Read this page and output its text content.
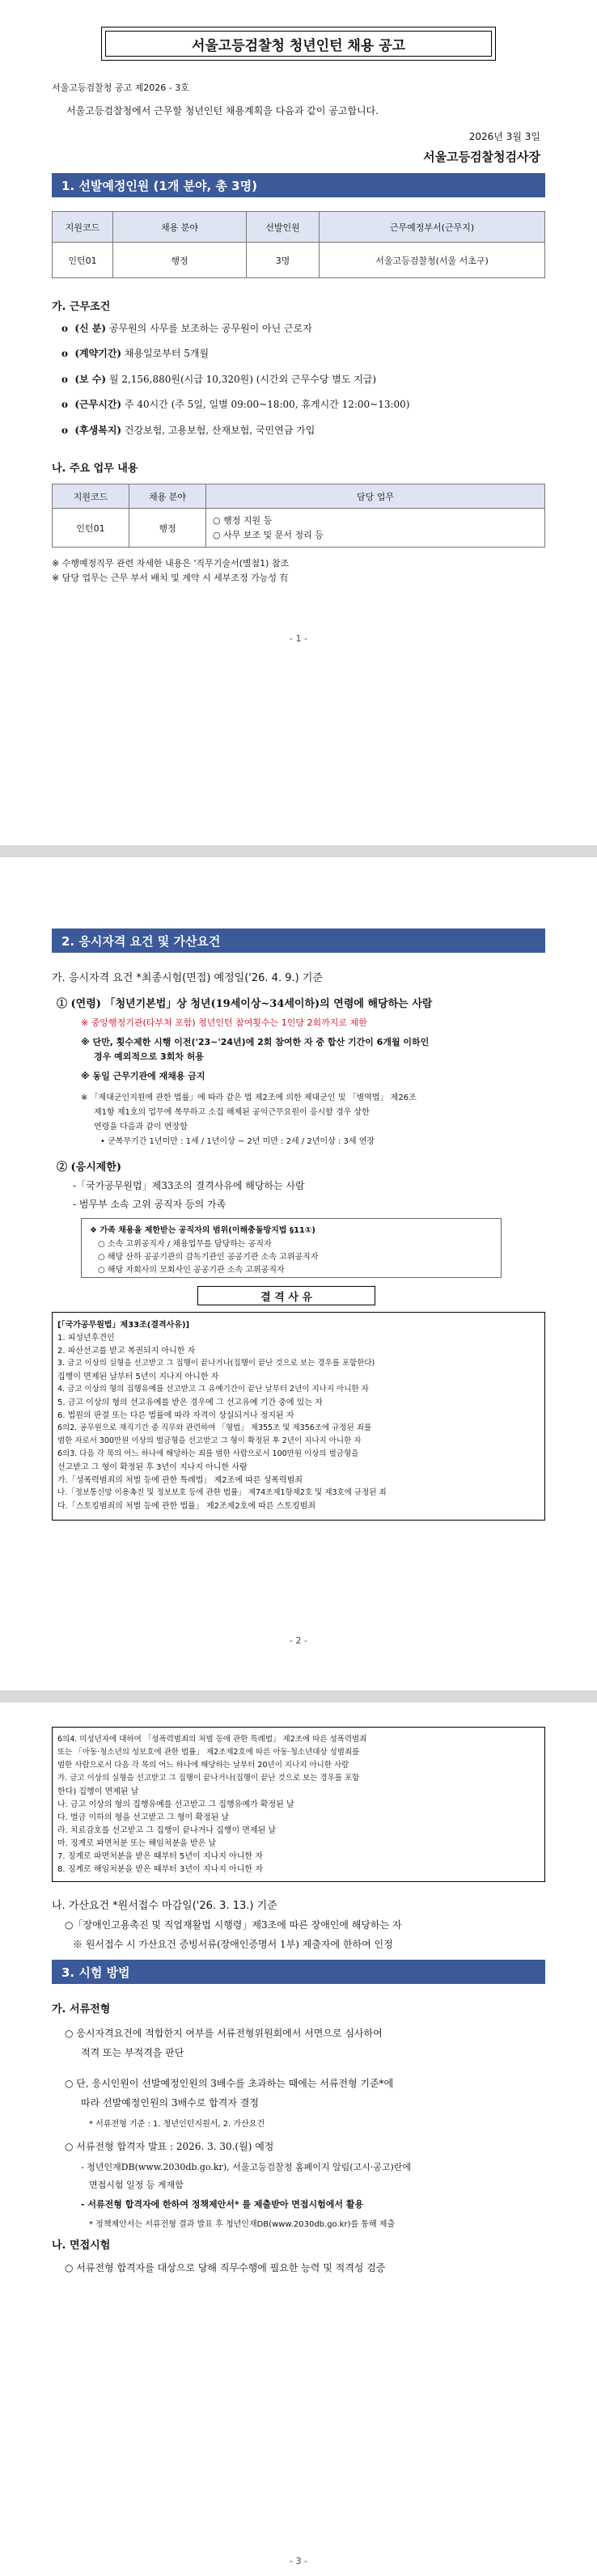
서울고등검찰청 청년인턴 채용 공고
서울고등검찰청 공고 제2026 - 3호
서울고등검찰청에서 근무할 청년인턴 채용계획을 다음과 같이 공고합니다.
2026년 3월 3일
서울고등검찰청검사장
1. 선발예정인원 (1개 분야, 총 3명)
지원코드	채용 분야	선발인원	근무예정부서(근무지)
인턴01	행정	3명	서울고등검찰청(서울 서초구)
가. 근무조건
o  (신 분) 공무원의 사무를 보조하는 공무원이 아닌 근로자
o  (계약기간) 채용일로부터 5개월
o  (보 수) 월 2,156,880원(시급 10,320원) (시간외 근무수당 별도 지급)
o  (근무시간) 주 40시간 (주 5일, 일별 09:00~18:00, 휴게시간 12:00~13:00)
o  (후생복지) 건강보험, 고용보험, 산재보험, 국민연금 가입
나. 주요 업무 내용
지원코드	채용 분야	담당 업무
인턴01	행정	○ 행정 지원 등
○ 사무 보조 및 문서 정리 등
※ 수행예정직무 관련 자세한 내용은 '직무기술서(별첨1) 참조
※ 담당 업무는 근무 부서 배치 및 계약 시 세부조정 가능성 有
- 1 -
2. 응시자격 요건 및 가산요건
가. 응시자격 요건 *최종시험(면접) 예정일('26. 4. 9.) 기준
① (연령) 「청년기본법」상 청년(19세이상~34세이하)의 연령에 해당하는 사람
※ 중앙행정기관(타부처 포함) 청년인턴 참여횟수는 1인당 2회까지로 제한
※ 단만, 횟수제한 시행 이전('23~'24년)에 2회 참여한 자 중 합산 기간이 6개월 이하인
경우 예외적으로 3회차 허용
※ 동일 근무기관에 재채용 금지
※ 「제대군인지원에 관한 법률」에 따라 같은 법 제2조에 의한 제대군인 및 「병역법」 제26조
제1항 제1호의 업무에 복무하고 소집 해제된 공익근무요원이 응시할 경우 상한
연령을 다음과 같이 연장함
• 군복무기간 1년미만 : 1세 / 1년이상 ~ 2년 미만 : 2세 / 2년이상 : 3세 연장
② (응시제한)
-「국가공무원법」제33조의 결격사유에 해당하는 사람
- 범무부 소속 고위 공직자 등의 가족
❖ 가족 채용을 제한받는 공직자의 범위(이해충돌방지법 §11①)
○ 소속 고위공직자 / 채용업무를 담당하는 공직자
○ 해당 산하 공공기관의 감독기관인 공공기관 소속 고위공직자
○ 해당 자회사의 모회사인 공공기관 소속 고위공직자
결 격 사 유
[「국가공무원법」제33조(결격사유)]
1. 피성년후견인
2. 파산선고를 받고 복권되지 아니한 자
3. 금고 이상의 실형을 선고받고 그 집행이 끝나거나(집행이 끝난 것으로 보는 경우를 포함한다)
집행이 면제된 날부터 5년이 지나지 아니한 자
4. 금고 이상의 형의 집행유예를 선고받고 그 유예기간이 끝난 날부터 2년이 지나지 아니한 자
5. 금고 이상의 형의 선고유예를 받은 경우에 그 선고유예 기간 중에 있는 자
6. 법원의 판결 또는 다른 법률에 따라 자격이 상실되거나 정지된 자
6의2. 공무원으로 재직기간 중 직무와 관련하여 「형법」 제355조 및 제356조에 규정된 죄를
범한 자로서 300만원 이상의 벌금형을 선고받고 그 형이 확정된 후 2년이 지나지 아니한 자
6의3. 다음 각 목의 어느 하나에 해당하는 죄를 범한 사람으로서 100만원 이상의 벌금형을
선고받고 그 형이 확정된 후 3년이 지나지 아니한 사람
가.「성폭력범죄의 처벌 등에 관한 특례법」 제2조에 따른 성폭력범죄
나.「정보통신망 이용촉진 및 정보보호 등에 관한 법률」 제74조제1항제2호 및 제3호에 규정된 죄
다.「스토킹범죄의 처벌 등에 관한 법률」 제2조제2호에 따른 스토킹범죄
- 2 -
6의4. 미성년자에 대하여 「성폭력범죄의 처벌 등에 관한 특례법」 제2조에 따른 성폭력범죄
또는 「아동·청소년의 성보호에 관한 법률」 제2조제2호에 따른 아동·청소년대상 성범죄를
범한 사람으로서 다음 각 목의 어느 하나에 해당하는 날부터 20년이 지나지 아니한 사람
가. 금고 이상의 실형을 선고받고 그 집행이 끝나거나(집행이 끝난 것으로 보는 경우를 포함
한다) 집행이 면제된 날
나. 금고 이상의 형의 집행유예를 선고받고 그 집행유예가 확정된 날
다. 벌금 이하의 형을 선고받고 그 형이 확정된 날
라. 치료감호를 선고받고 그 집행이 끝나거나 집행이 면제된 날
마. 징계로 파면처분 또는 해임처분을 받은 날
7. 징계로 파면처분을 받은 때부터 5년이 지나지 아니한 자
8. 징계로 해임처분을 받은 때부터 3년이 지나지 아니한 자
나. 가산요건 *원서접수 마감일('26. 3. 13.) 기준
○「장애인고용촉진 및 직업재활법 시행령」제3조에 따른 장애인에 해당하는 자
※ 원서접수 시 가산요건 증빙서류(장애인증명서 1부) 제출자에 한하여 인정
3. 시험 방법
가. 서류전형
○ 응시자격요건에 적합한지 여부를 서류전형위원회에서 서면으로 심사하여
적격 또는 부적격을 판단
○ 단, 응시인원이 선발예정인원의 3배수를 초과하는 때에는 서류전형 기준*에
따라 선발예정인원의 3배수로 합격자 결정
* 서류전형 기준 : 1. 청년인턴지원서, 2. 가산요건
○ 서류전형 합격자 발표 : 2026. 3. 30.(월) 예정
- 청년인재DB(www.2030db.go.kr), 서울고등검찰청 홈페이지 알림(고시·공고)란에
면접시험 일정 등 게재함
- 서류전형 합격자에 한하여 정책제안서* 를 제출받아 면접시험에서 활용
* 정책제안서는 서류전형 결과 발표 후 청년인재DB(www.2030db.go.kr)를 통해 제출
나. 면접시험
○ 서류전형 합격자를 대상으로 당해 직무수행에 필요한 능력 및 적격성 검증
- 3 -
